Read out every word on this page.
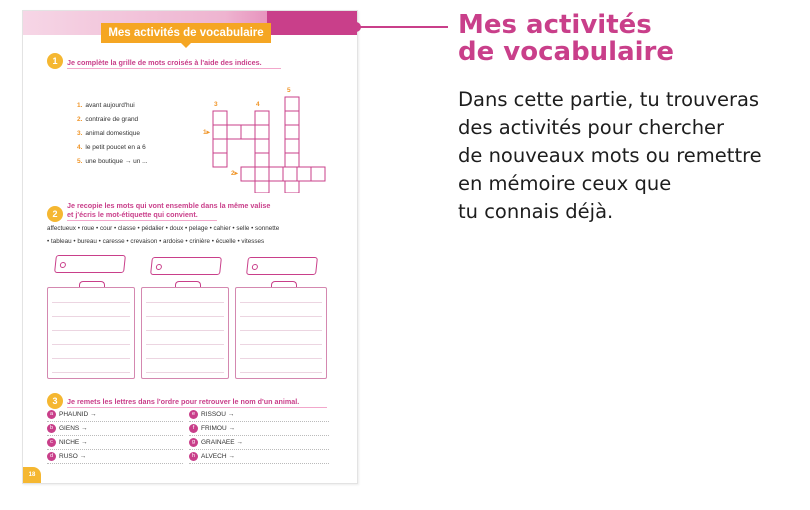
Mes activités de vocabulaire
1	Je complète la grille de mots croisés à l'aide des indices.
1. avant aujourd'hui
2. contraire de grand
3. animal domestique
4. le petit poucet en a 6
5. une boutique → un ...
3	4
5
1▸
2▸
2
Je recopie les mots qui vont ensemble dans la même valise
et j'écris le mot-étiquette qui convient.
affectueux • roue • cour • classe • pédalier • doux • pelage • cahier • selle • sonnette
• tableau • bureau • caresse • crevaison • ardoise • crinière • écuelle • vitesses
3	Je remets les lettres dans l'ordre pour retrouver le nom d'un animal.
a PHAUNID →
b GIENS →
c NICHE →
d RUSO →
e RISSOU →
f FRIMOU →
g GRAINAEE →
h ALVECH →
18
Mes activités
de vocabulaire
Dans cette partie, tu trouveras
des activités pour chercher
de nouveaux mots ou remettre
en mémoire ceux que
tu connais déjà.
